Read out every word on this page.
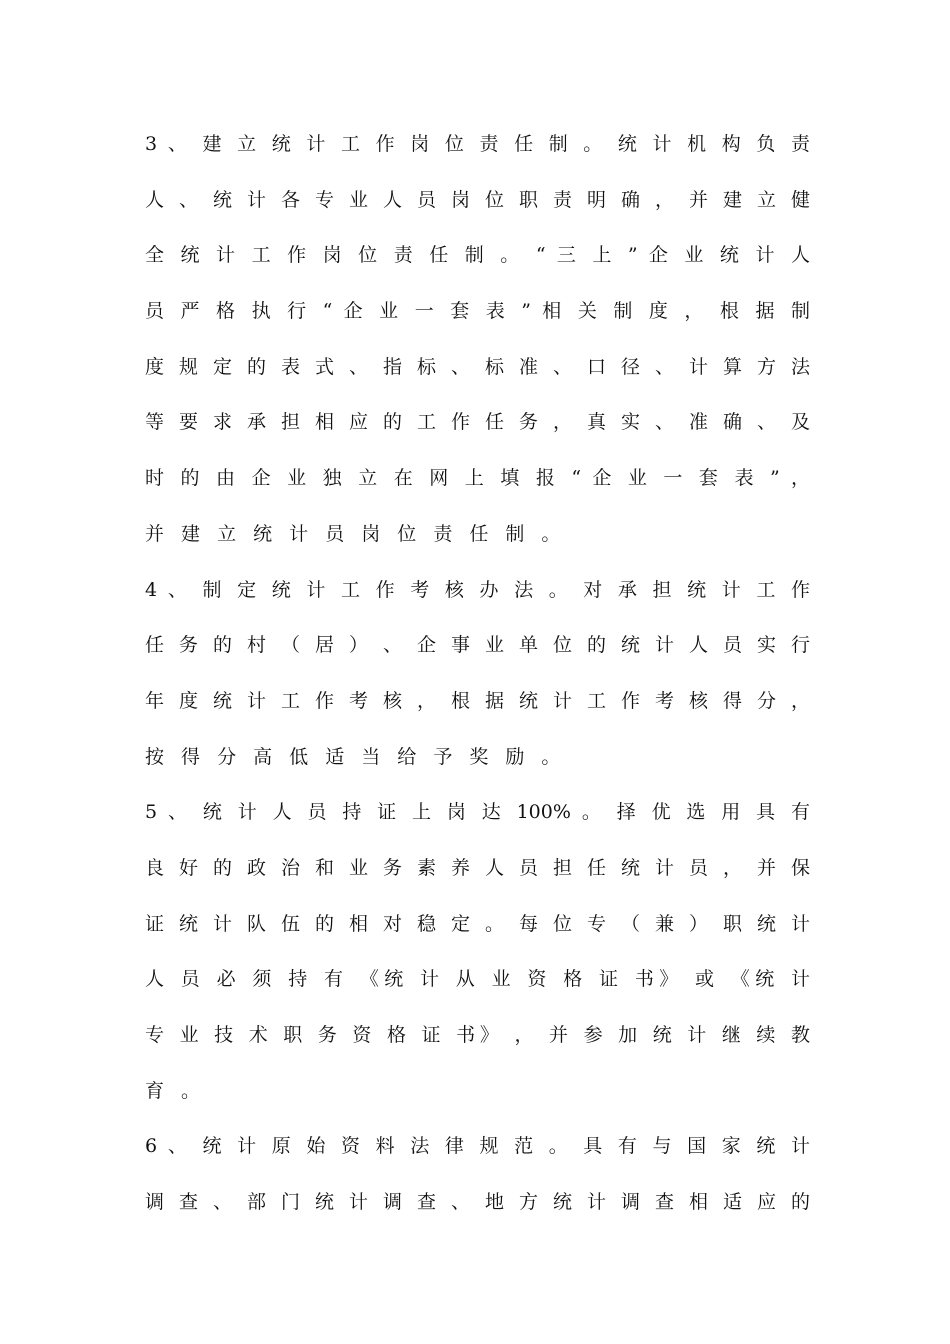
3 、 建 立 统 计 工 作 岗 位 责 任 制 。 统 计 机 构 负 责
人 、 统 计 各 专 业 人 员 岗 位 职 责 明 确 ， 并 建 立 健
全 统 计 工 作 岗 位 责 任 制 。 “ 三 上 ” 企 业 统 计 人
员 严 格 执 行 “ 企 业 一 套 表 ” 相 关 制 度 ， 根 据 制
度 规 定 的 表 式 、 指 标 、 标 准 、 口 径 、 计 算 方 法
等 要 求 承 担 相 应 的 工 作 任 务 ， 真 实 、 准 确 、 及
时 的 由 企 业 独 立 在 网 上 填 报 “ 企 业 一 套 表 ” ，
并 建 立 统 计 员 岗 位 责 任 制 。
4 、 制 定 统 计 工 作 考 核 办 法 。 对 承 担 统 计 工 作
任 务 的 村 （ 居 ） 、 企 事 业 单 位 的 统 计 人 员 实 行
年 度 统 计 工 作 考 核 ， 根 据 统 计 工 作 考 核 得 分 ，
按 得 分 高 低 适 当 给 予 奖 励 。
5 、 统 计 人 员 持 证 上 岗 达 100% 。 择 优 选 用 具 有
良 好 的 政 治 和 业 务 素 养 人 员 担 任 统 计 员 ， 并 保
证 统 计 队 伍 的 相 对 稳 定 。 每 位 专 （ 兼 ） 职 统 计
人 员 必 须 持 有 《统 计 从 业 资 格 证 书》 或 《统 计
专 业 技 术 职 务 资 格 证 书》 ， 并 参 加 统 计 继 续 教
育 。
6 、 统 计 原 始 资 料 法 律 规 范 。 具 有 与 国 家 统 计
调 查 、 部 门 统 计 调 查 、 地 方 统 计 调 查 相 适 应 的
